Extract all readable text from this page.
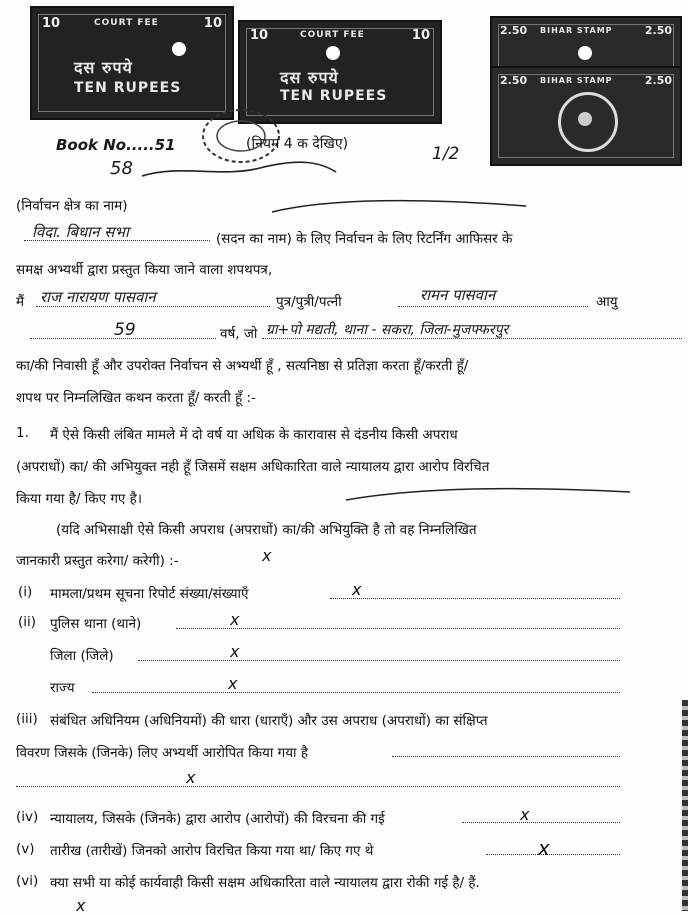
10	10
COURT FEE
दस रुपये
TEN RUPEES
10	10
COURT FEE
दस रुपये
TEN RUPEES
2.50	2.50
BIHAR STAMP
2.50	2.50
BIHAR STAMP
Book No.....51	(नियम 4 क देखिए)
58
1/2
(निर्वाचन क्षेत्र का नाम)
विदा. बिधान सभा	(सदन का नाम) के लिए निर्वाचन के लिए रिटर्निंग आफिसर के
समक्ष अभ्यर्थी द्वारा प्रस्तुत किया जाने वाला शपथपत्र,
मैं राज नारायण पासवान	पुत्र/पुत्री/पत्नी	रामन पासवान	आयु
59	वर्ष, जो ग्रा+पो मद्यती, थाना - सकरा, जिला-मुजफ्फरपुर
का/की निवासी हूँ और उपरोक्त निर्वाचन से अभ्यर्थी हूँ , सत्यनिष्ठा से प्रतिज्ञा करता हूँ/करती हूँ/
शपथ पर निम्नलिखित कथन करता हूँ/ करती हूँ :-
1. मैं ऐसे किसी लंबित मामले में दो वर्ष या अधिक के कारावास से दंडनीय किसी अपराध
(अपराधों) का/ की अभियुक्त नही हूँ जिसमें सक्षम अधिकारिता वाले न्यायालय द्वारा आरोप विरचित
किया गया है/ किए गए है।
(यदि अभिसाक्षी ऐसे किसी अपराध (अपराधों) का/की अभियुक्ति है तो वह निम्नलिखित
जानकारी प्रस्तुत करेगा/ करेगी) :-	x
(i) मामला/प्रथम सूचना रिपोर्ट संख्या/संख्याएँ	x
(ii) पुलिस थाना (थाने)	x
जिला (जिले)	x
राज्य	x
(iii) संबंधित अधिनियम (अधिनियमों) की धारा (धाराएँ) और उस अपराध (अपराधों) का संक्षिप्त
विवरण जिसके (जिनके) लिए अभ्यर्थी आरोपित किया गया है
x
(iv) न्यायालय, जिसके (जिनके) द्वारा आरोप (आरोपों) की विरचना की गई	x
(v) तारीख (तारीखें) जिनको आरोप विरचित किया गया था/ किए गए थे	x
(vi) क्या सभी या कोई कार्यवाही किसी सक्षम अधिकारिता वाले न्यायालय द्वारा रोकी गई है/ हैं.
x
